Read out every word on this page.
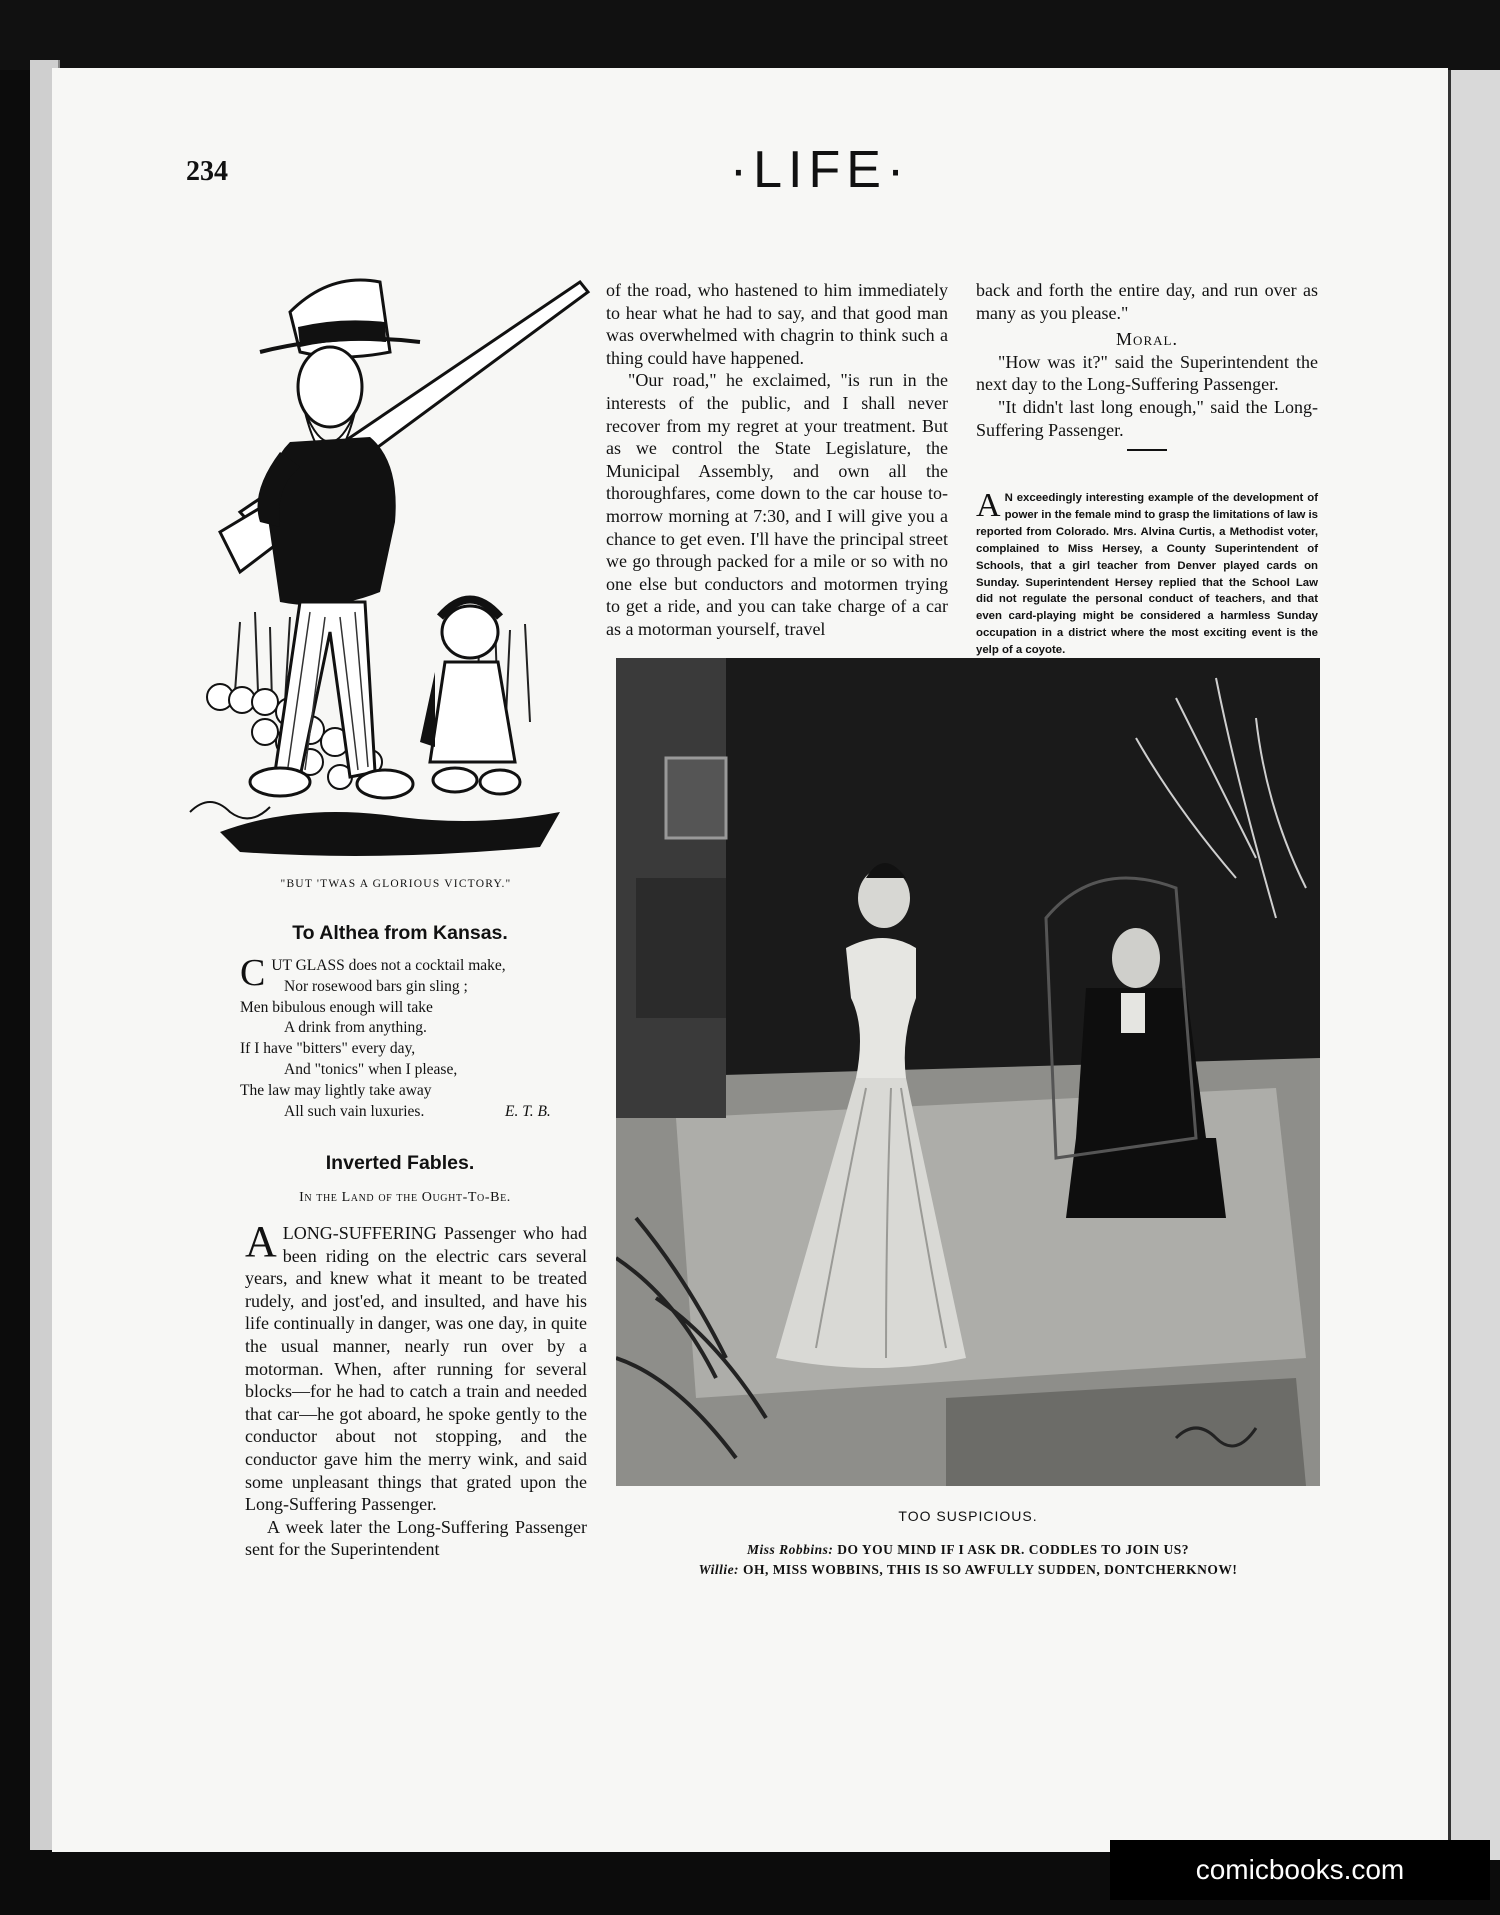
234	·LIFE·
"BUT 'TWAS A GLORIOUS VICTORY."
To Althea from Kansas.
C UT GLASS does not a cocktail make,
Nor rosewood bars gin sling ;
Men bibulous enough will take
A drink from anything.
If I have "bitters" every day,
And "tonics" when I please,
The law may lightly take away
All such vain luxuries.	E. T. B.
Inverted Fables.
In the Land of the Ought-To-Be.

ALONG-SUFFERING Passenger who had been riding on the electric cars several years, and knew what it meant to be treated rudely, and jost'ed, and insulted, and have his life continually in danger, was one day, in quite the usual manner, nearly run over by a motorman. When, after running for several blocks—for he had to catch a train and needed that car—he got aboard, he spoke gently to the conductor about not stopping, and the conductor gave him the merry wink, and said some unpleasant things that grated upon the Long-Suffering Passenger.

A week later the Long-Suffering Passenger sent for the Superintendent

of the road, who hastened to him immediately to hear what he had to say, and that good man was overwhelmed with chagrin to think such a thing could have happened.

"Our road," he exclaimed, "is run in the interests of the public, and I shall never recover from my regret at your treatment. But as we control the State Legislature, the Municipal Assembly, and own all the thoroughfares, come down to the car house to-morrow morning at 7:30, and I will give you a chance to get even. I'll have the principal street we go through packed for a mile or so with no one else but conductors and motormen trying to get a ride, and you can take charge of a car as a motorman yourself, travel

back and forth the entire day, and run over as many as you please."

Moral.

"How was it?" said the Superintendent the next day to the Long-Suffering Passenger.

"It didn't last long enough," said the Long-Suffering Passenger.

A N exceedingly interesting example of the development of power in the female mind to grasp the limitations of law is reported from Colorado. Mrs. Alvina Curtis, a Methodist voter, complained to Miss Hersey, a County Superintendent of Schools, that a girl teacher from Denver played cards on Sunday. Superintendent Hersey replied that the School Law did not regulate the personal conduct of teachers, and that even card-playing might be considered a harmless Sunday occupation in a district where the most exciting event is the yelp of a coyote.
TOO SUSPICIOUS.
Miss Robbins: DO YOU MIND IF I ASK DR. CODDLES TO JOIN US?
Willie: OH, MISS WOBBINS, THIS IS SO AWFULLY SUDDEN, DONTCHERKNOW!
comicbooks.com
